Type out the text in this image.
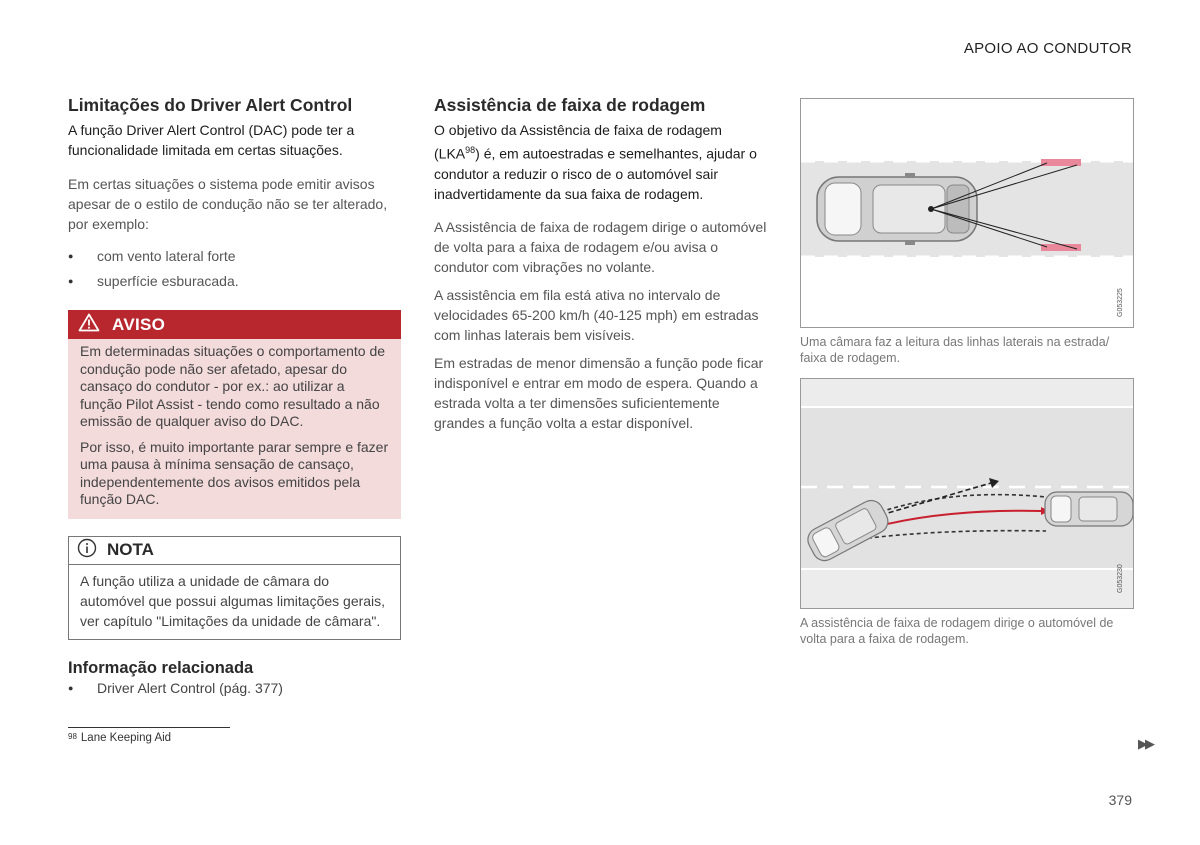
APOIO AO CONDUTOR
Limitações do Driver Alert Control

A função Driver Alert Control (DAC) pode ter a funcionalidade limitada em certas situações.

Em certas situações o sistema pode emitir avisos apesar de o estilo de condução não se ter alterado, por exemplo:

● com vento lateral forte
● superfície esburacada.
AVISO

Em determinadas situações o comportamento de condução pode não ser afetado, apesar do cansaço do condutor - por ex.: ao utilizar a função Pilot Assist - tendo como resultado a não emissão de qualquer aviso do DAC.

Por isso, é muito importante parar sempre e fazer uma pausa à mínima sensação de cansaço, independentemente dos avisos emitidos pela função DAC.

NOTA
A função utiliza a unidade de câmara do automóvel que possui algumas limitações gerais, ver capítulo "Limitações da unidade de câmara".
Informação relacionada
● Driver Alert Control (pág. 377)
Assistência de faixa de rodagem

O objetivo da Assistência de faixa de rodagem (LKA$^{98}$) é, em autoestradas e semelhantes, ajudar o condutor a reduzir o risco de o automóvel sair inadvertidamente da sua faixa de rodagem.

A Assistência de faixa de rodagem dirige o automóvel de volta para a faixa de rodagem e/ou avisa o condutor com vibrações no volante.

A assistência em fila está ativa no intervalo de velocidades 65-200 km/h (40-125 mph) em estradas com linhas laterais bem visíveis.

Em estradas de menor dimensão a função pode ficar indisponível e entrar em modo de espera. Quando a estrada volta a ter dimensões suficientemente grandes a função volta a estar disponível.

G053225

Uma câmara faz a leitura das linhas laterais na estrada/ faixa de rodagem.

G053230

A assistência de faixa de rodagem dirige o automóvel de volta para a faixa de rodagem.

$^{98}$ Lane Keeping Aid	▶▶
379
